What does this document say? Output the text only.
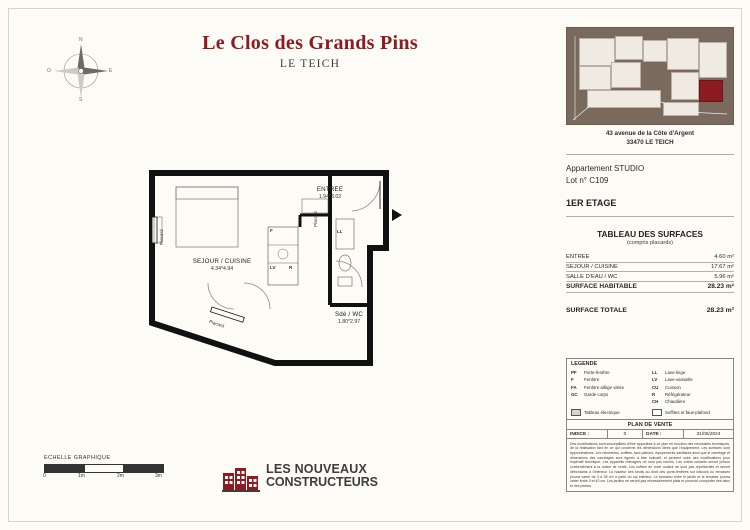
N
S
E
O
Le Clos des Grands Pins
LE TEICH
ENTREE
1.94*3.02
SEJOUR / CUISINE
4.34*4.94
Sdé / WC
1.80*2.97
Placard
Placard
Placard
F
LV	R
LL
ECHELLE GRAPHIQUE
0	1m	2m	3m	LES NOUVEAUX
CONSTRUCTEURS
43 avenue de la Côte d'Argent
33470 LE TEICH
Appartement STUDIO
Lot n° C109
1ER ETAGE
TABLEAU DES SURFACES
(compris placards)
ENTREE	4.60 m²
SEJOUR / CUISINE	17.67 m²
SALLE D'EAU / WC	5.96 m²
SURFACE HABITABLE	28.23 m²
SURFACE TOTALE	28.23 m²
LEGENDE
PF	Porte-fenêtre
F	Fenêtre
FA	Fenêtre allège vitrée
GC	Garde corps
LL	Lave-linge
LV	Lave-vaisselle
CU	Cuisson
R	Réfrigérateur
CH	Chaudière
Tableau électrique	Soffites et faux-plafond
PLAN DE VENTE
INDICE :	0	DATE :	31/05/2024
Des modifications sont susceptibles d'être apportées à ce plan en fonction des nécessités techniques, de la réalisation tant en ce qui concerne les dimensions libres que l'équipement. Les surfaces sont approximatives. Les retombées, soffites, faux plafond, équipements sanitaires ainsi que le carrelage et dimensions des carrelages sont figurés à titre indicatif, et peuvent subir des modifications pour impératif technique. Les appareils ménagers ne sont pas fournis. Les volets roulants seront prévus conformément à la notice de vente. Les coffres de volet roulant ne sont pas représentés et seront débordants à l'intérieur. La hauteur des seuils au droit des porte-fenêtres sur balcons ou terrasses pourra varier de 3 à 35 cm à partir du sol intérieur. Le bandeau entre le jardin et la terrasse pourra varier entre 0 et 40 cm. Les jardins ne seront pas nécessairement plats et pourront comporter des talus et des pentes.
